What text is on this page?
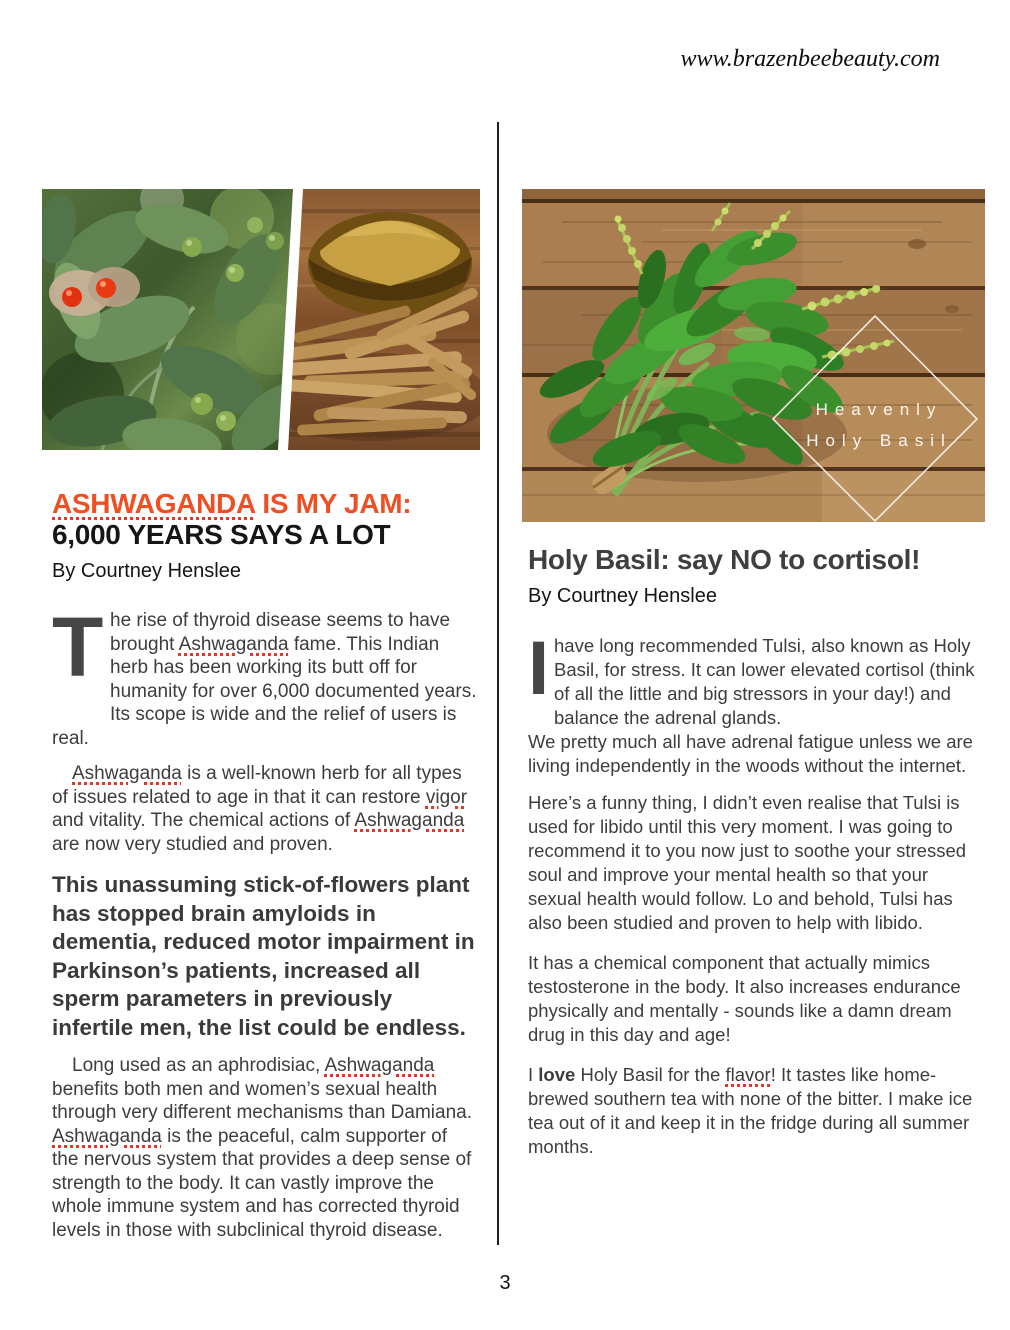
www.brazenbeebeauty.com
ASHWAGANDA IS MY JAM:
6,000 YEARS SAYS A LOT
By Courtney Henslee

The rise of thyroid disease seems to have brought Ashwaganda fame. This Indian herb has been working its butt off for humanity for over 6,000 documented years. Its scope is wide and the relief of users is real.

Ashwaganda is a well-known herb for all types of issues related to age in that it can restore vigor and vitality. The chemical actions of Ashwaganda are now very studied and proven.

This unassuming stick-of-flowers plant has stopped brain amyloids in dementia, reduced motor impairment in Parkinson’s patients, increased all sperm parameters in previously infertile men, the list could be endless.

Long used as an aphrodisiac, Ashwaganda benefits both men and women’s sexual health through very different mechanisms than Damiana. Ashwaganda is the peaceful, calm supporter of the nervous system that provides a deep sense of strength to the body. It can vastly improve the whole immune system and has corrected thyroid levels in those with subclinical thyroid disease.

Heavenly
Holy Basil
Holy Basil: say NO to cortisol!
By Courtney Henslee

I have long recommended Tulsi, also known as Holy Basil, for stress. It can lower elevated cortisol (think of all the little and big stressors in your day!) and balance the adrenal glands.
We pretty much all have adrenal fatigue unless we are living independently in the woods without the internet.

Here’s a funny thing, I didn’t even realise that Tulsi is used for libido until this very moment. I was going to recommend it to you now just to soothe your stressed soul and improve your mental health so that your sexual health would follow. Lo and behold, Tulsi has also been studied and proven to help with libido.

It has a chemical component that actually mimics testosterone in the body. It also increases endurance physically and mentally - sounds like a damn dream drug in this day and age!

I love Holy Basil for the flavor! It tastes like home-brewed southern tea with none of the bitter. I make ice tea out of it and keep it in the fridge during all summer months.

3
